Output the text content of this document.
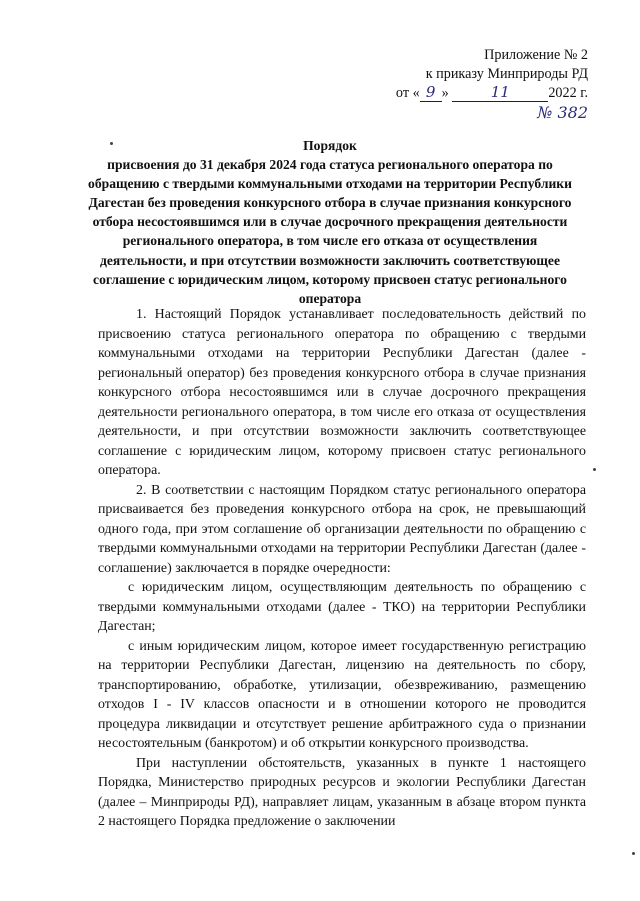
Приложение № 2
к приказу Минприроды РД
от « 9 »	11	2022 г.
№ 382
Порядок
присвоения до 31 декабря 2024 года статуса регионального оператора по обращению с твердыми коммунальными отходами на территории Республики Дагестан без проведения конкурсного отбора в случае признания конкурсного отбора несостоявшимся или в случае досрочного прекращения деятельности регионального оператора, в том числе его отказа от осуществления деятельности, и при отсутствии возможности заключить соответствующее соглашение с юридическим лицом, которому присвоен статус регионального оператора

1. Настоящий Порядок устанавливает последовательность действий по присвоению статуса регионального оператора по обращению с твердыми коммунальными отходами на территории Республики Дагестан (далее - региональный оператор) без проведения конкурсного отбора в случае признания конкурсного отбора несостоявшимся или в случае досрочного прекращения деятельности регионального оператора, в том числе его отказа от осуществления деятельности, и при отсутствии возможности заключить соответствующее соглашение с юридическим лицом, которому присвоен статус регионального оператора.

2. В соответствии с настоящим Порядком статус регионального оператора присваивается без проведения конкурсного отбора на срок, не превышающий одного года, при этом соглашение об организации деятельности по обращению с твердыми коммунальными отходами на территории Республики Дагестан (далее - соглашение) заключается в порядке очередности:

с юридическим лицом, осуществляющим деятельность по обращению с твердыми коммунальными отходами (далее - ТКО) на территории Республики Дагестан;

с иным юридическим лицом, которое имеет государственную регистрацию на территории Республики Дагестан, лицензию на деятельность по сбору, транспортированию, обработке, утилизации, обезвреживанию, размещению отходов I - IV классов опасности и в отношении которого не проводится процедура ликвидации и отсутствует решение арбитражного суда о признании несостоятельным (банкротом) и об открытии конкурсного производства.

При наступлении обстоятельств, указанных в пункте 1 настоящего Порядка, Министерство природных ресурсов и экологии Республики Дагестан (далее – Минприроды РД), направляет лицам, указанным в абзаце втором пункта 2 настоящего Порядка предложение о заключении
